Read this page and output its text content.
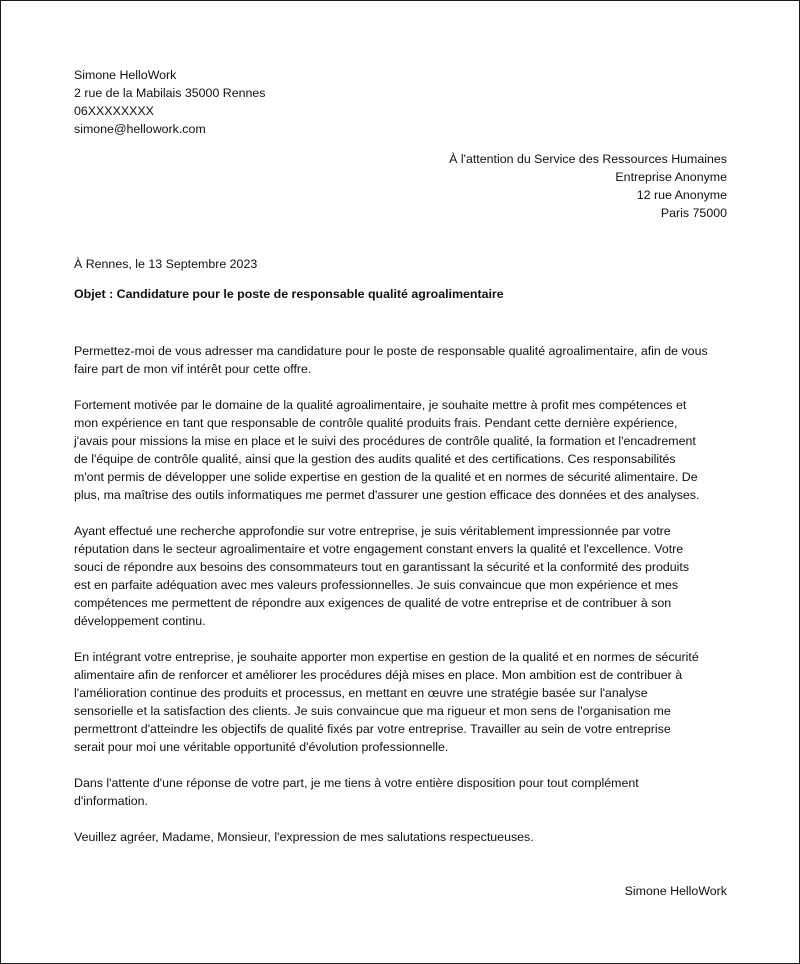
Simone HelloWork
2 rue de la Mabilais 35000 Rennes
06XXXXXXXX
simone@hellowork.com
À l'attention du Service des Ressources Humaines
Entreprise Anonyme
12 rue Anonyme
Paris 75000
À Rennes, le 13 Septembre 2023
Objet : Candidature pour le poste de responsable qualité agroalimentaire

Permettez-moi de vous adresser ma candidature pour le poste de responsable qualité agroalimentaire, afin de vous
faire part de mon vif intérêt pour cette offre.

Fortement motivée par le domaine de la qualité agroalimentaire, je souhaite mettre à profit mes compétences et
mon expérience en tant que responsable de contrôle qualité produits frais. Pendant cette dernière expérience,
j'avais pour missions la mise en place et le suivi des procédures de contrôle qualité, la formation et l'encadrement
de l'équipe de contrôle qualité, ainsi que la gestion des audits qualité et des certifications. Ces responsabilités
m'ont permis de développer une solide expertise en gestion de la qualité et en normes de sécurité alimentaire. De
plus, ma maîtrise des outils informatiques me permet d'assurer une gestion efficace des données et des analyses.

Ayant effectué une recherche approfondie sur votre entreprise, je suis véritablement impressionnée par votre
réputation dans le secteur agroalimentaire et votre engagement constant envers la qualité et l'excellence. Votre
souci de répondre aux besoins des consommateurs tout en garantissant la sécurité et la conformité des produits
est en parfaite adéquation avec mes valeurs professionnelles. Je suis convaincue que mon expérience et mes
compétences me permettent de répondre aux exigences de qualité de votre entreprise et de contribuer à son
développement continu.

En intégrant votre entreprise, je souhaite apporter mon expertise en gestion de la qualité et en normes de sécurité
alimentaire afin de renforcer et améliorer les procédures déjà mises en place. Mon ambition est de contribuer à
l'amélioration continue des produits et processus, en mettant en œuvre une stratégie basée sur l'analyse
sensorielle et la satisfaction des clients. Je suis convaincue que ma rigueur et mon sens de l'organisation me
permettront d'atteindre les objectifs de qualité fixés par votre entreprise. Travailler au sein de votre entreprise
serait pour moi une véritable opportunité d'évolution professionnelle.

Dans l'attente d'une réponse de votre part, je me tiens à votre entière disposition pour tout complément
d'information.

Veuillez agréer, Madame, Monsieur, l'expression de mes salutations respectueuses.

Simone HelloWork
